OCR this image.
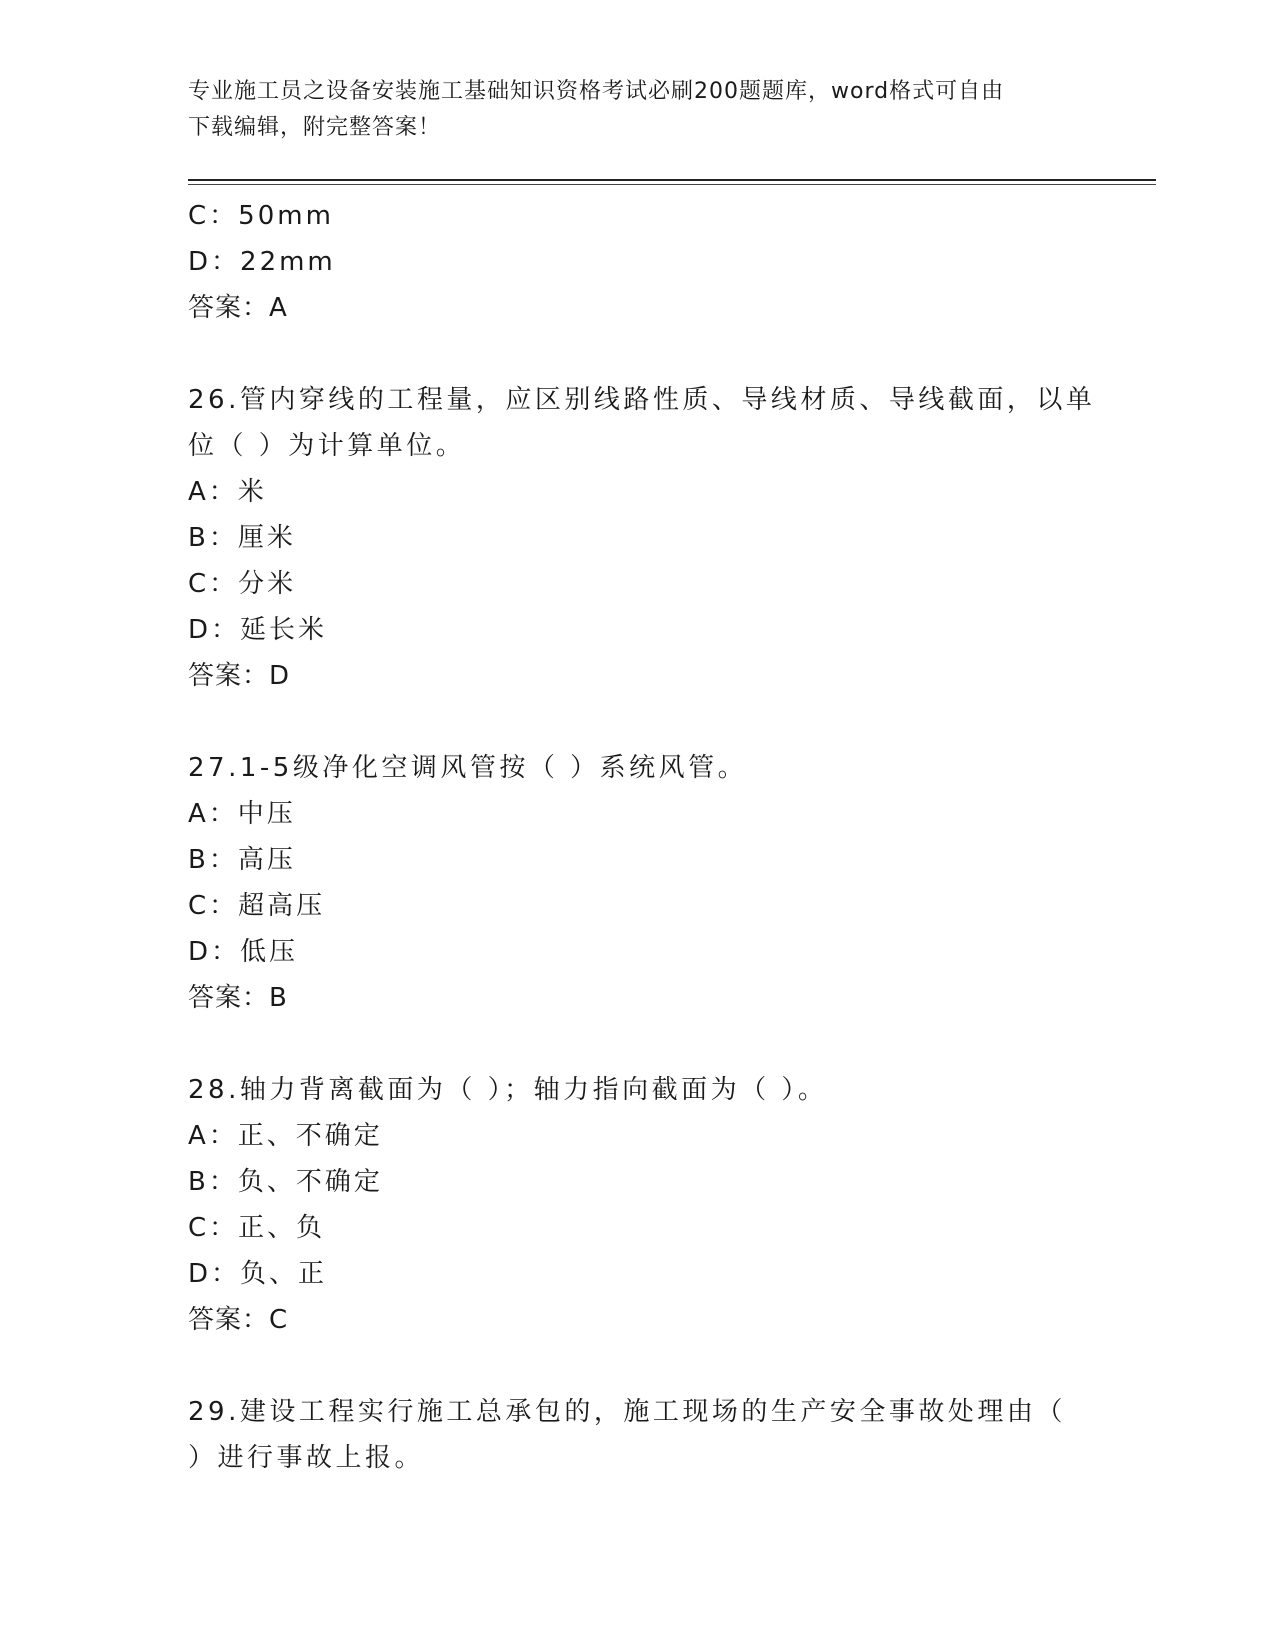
专业施工员之设备安装施工基础知识资格考试必刷200题题库，word格式可自由
下载编辑，附完整答案！
C：50mm
D：22mm
答案：A
26.管内穿线的工程量，应区别线路性质、导线材质、导线截面，以单
位（ ）为计算单位。
A：米
B：厘米
C：分米
D：延长米
答案：D
27.1-5级净化空调风管按（ ）系统风管。
A：中压
B：高压
C：超高压
D：低压
答案：B
28.轴力背离截面为（ ）；轴力指向截面为（ ）。
A：正、不确定
B：负、不确定
C：正、负
D：负、正
答案：C
29.建设工程实行施工总承包的，施工现场的生产安全事故处理由（
）进行事故上报。
